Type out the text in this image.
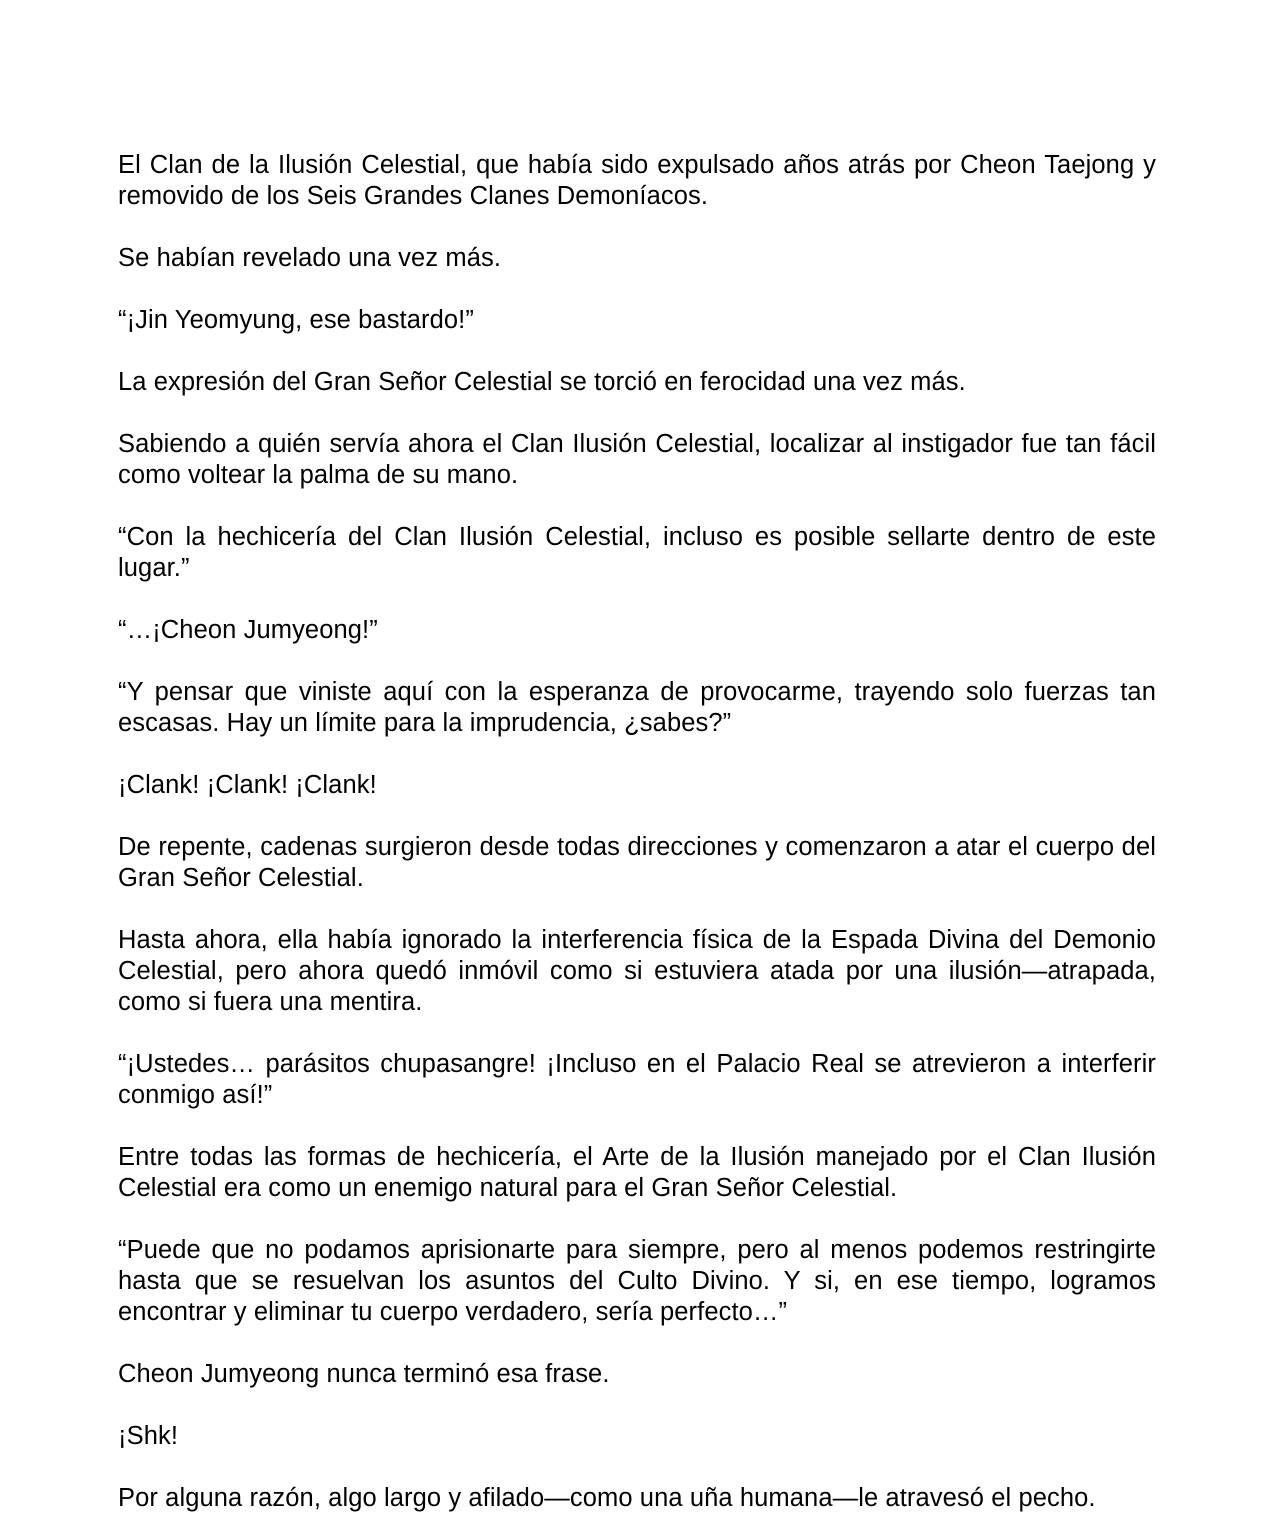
El Clan de la Ilusión Celestial, que había sido expulsado años atrás por Cheon Taejong y removido de los Seis Grandes Clanes Demoníacos.

Se habían revelado una vez más.

“¡Jin Yeomyung, ese bastardo!”

La expresión del Gran Señor Celestial se torció en ferocidad una vez más.

Sabiendo a quién servía ahora el Clan Ilusión Celestial, localizar al instigador fue tan fácil como voltear la palma de su mano.

“Con la hechicería del Clan Ilusión Celestial, incluso es posible sellarte dentro de este lugar.”

“…¡Cheon Jumyeong!”

“Y pensar que viniste aquí con la esperanza de provocarme, trayendo solo fuerzas tan escasas. Hay un límite para la imprudencia, ¿sabes?”

¡Clank! ¡Clank! ¡Clank!

De repente, cadenas surgieron desde todas direcciones y comenzaron a atar el cuerpo del Gran Señor Celestial.

Hasta ahora, ella había ignorado la interferencia física de la Espada Divina del Demonio Celestial, pero ahora quedó inmóvil como si estuviera atada por una ilusión—atrapada, como si fuera una mentira.

“¡Ustedes… parásitos chupasangre! ¡Incluso en el Palacio Real se atrevieron a interferir conmigo así!”

Entre todas las formas de hechicería, el Arte de la Ilusión manejado por el Clan Ilusión Celestial era como un enemigo natural para el Gran Señor Celestial.

“Puede que no podamos aprisionarte para siempre, pero al menos podemos restringirte hasta que se resuelvan los asuntos del Culto Divino. Y si, en ese tiempo, logramos encontrar y eliminar tu cuerpo verdadero, sería perfecto…”

Cheon Jumyeong nunca terminó esa frase.

¡Shk!

Por alguna razón, algo largo y afilado—como una uña humana—le atravesó el pecho.
